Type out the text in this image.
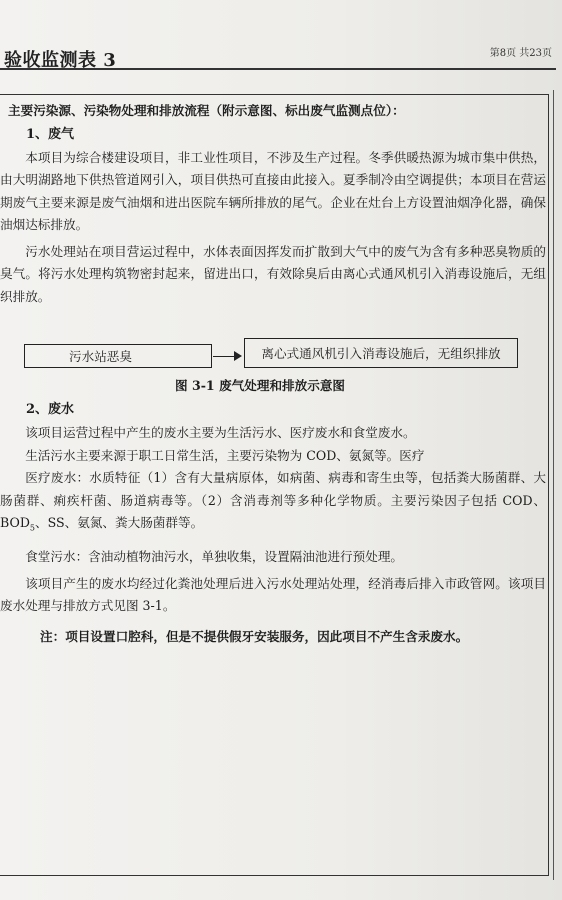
验收监测表 3	第8页 共23页

主要污染源、污染物处理和排放流程（附示意图、标出废气监测点位）：

1、废气

本项目为综合楼建设项目，非工业性项目，不涉及生产过程。冬季供暖热源为城市集中供热，由大明湖路地下供热管道网引入，项目供热可直接由此接入。夏季制冷由空调提供；本项目在营运期废气主要来源是废气油烟和进出医院车辆所排放的尾气。企业在灶台上方设置油烟净化器，确保油烟达标排放。

污水处理站在项目营运过程中，水体表面因挥发而扩散到大气中的废气为含有多种恶臭物质的臭气。将污水处理构筑物密封起来，留进出口，有效除臭后由离心式通风机引入消毒设施后，无组织排放。

污水站恶臭	离心式通风机引入消毒设施后，无组织排放

图 3-1 废气处理和排放示意图

2、废水

该项目运营过程中产生的废水主要为生活污水、医疗废水和食堂废水。

生活污水主要来源于职工日常生活，主要污染物为 COD、氨氮等。医疗

医疗废水：水质特征（1）含有大量病原体，如病菌、病毒和寄生虫等，包括粪大肠菌群、大肠菌群、痢疾杆菌、肠道病毒等。（2）含消毒剂等多种化学物质。主要污染因子包括 COD、$BOD_5$、SS、氨氮、粪大肠菌群等。

食堂污水：含油动植物油污水，单独收集，设置隔油池进行预处理。

该项目产生的废水均经过化粪池处理后进入污水处理站处理，经消毒后排入市政管网。该项目废水处理与排放方式见图 3-1。

注：项目设置口腔科，但是不提供假牙安装服务，因此项目不产生含汞废水。
